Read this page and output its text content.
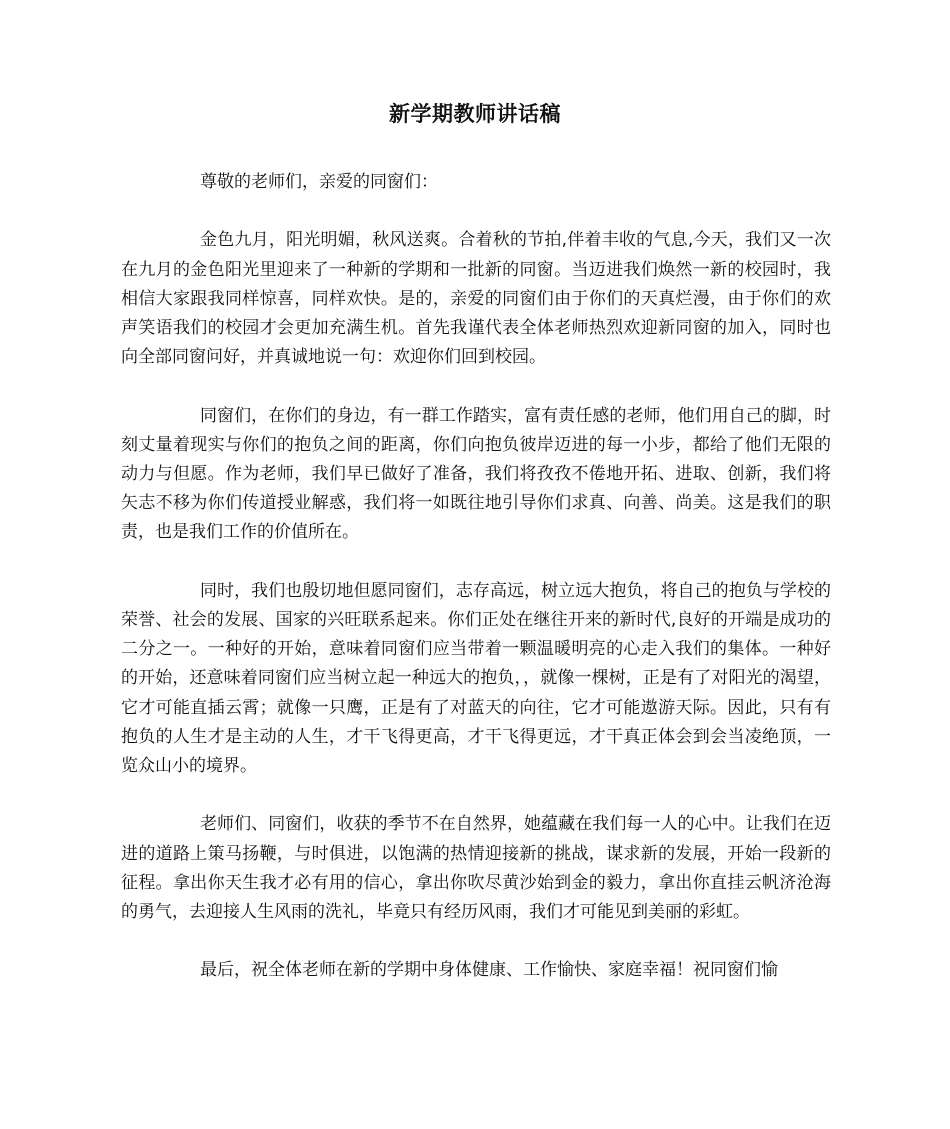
新学期教师讲话稿

尊敬的老师们，亲爱的同窗们：

金色九月，阳光明媚，秋风送爽。合着秋的节拍,伴着丰收的气息,今天，我们又一次在九月的金色阳光里迎来了一种新的学期和一批新的同窗。当迈进我们焕然一新的校园时，我相信大家跟我同样惊喜，同样欢快。是的，亲爱的同窗们由于你们的天真烂漫，由于你们的欢声笑语我们的校园才会更加充满生机。首先我谨代表全体老师热烈欢迎新同窗的加入，同时也向全部同窗问好，并真诚地说一句：欢迎你们回到校园。

同窗们，在你们的身边，有一群工作踏实，富有责任感的老师，他们用自己的脚，时刻丈量着现实与你们的抱负之间的距离，你们向抱负彼岸迈进的每一小步，都给了他们无限的动力与但愿。作为老师，我们早已做好了准备，我们将孜孜不倦地开拓、进取、创新，我们将矢志不移为你们传道授业解惑，我们将一如既往地引导你们求真、向善、尚美。这是我们的职责，也是我们工作的价值所在。

同时，我们也殷切地但愿同窗们，志存高远，树立远大抱负，将自己的抱负与学校的荣誉、社会的发展、国家的兴旺联系起来。你们正处在继往开来的新时代,良好的开端是成功的二分之一。一种好的开始，意味着同窗们应当带着一颗温暖明亮的心走入我们的集体。一种好的开始，还意味着同窗们应当树立起一种远大的抱负，，就像一棵树，正是有了对阳光的渴望，它才可能直插云霄；就像一只鹰，正是有了对蓝天的向往，它才可能遨游天际。因此，只有有抱负的人生才是主动的人生，才干飞得更高，才干飞得更远，才干真正体会到会当凌绝顶，一览众山小的境界。

老师们、同窗们，收获的季节不在自然界，她蕴藏在我们每一人的心中。让我们在迈进的道路上策马扬鞭，与时俱进，以饱满的热情迎接新的挑战，谋求新的发展，开始一段新的征程。拿出你天生我才必有用的信心，拿出你吹尽黄沙始到金的毅力，拿出你直挂云帆济沧海的勇气，去迎接人生风雨的洗礼，毕竟只有经历风雨，我们才可能见到美丽的彩虹。

最后，祝全体老师在新的学期中身体健康、工作愉快、家庭幸福！祝同窗们愉
